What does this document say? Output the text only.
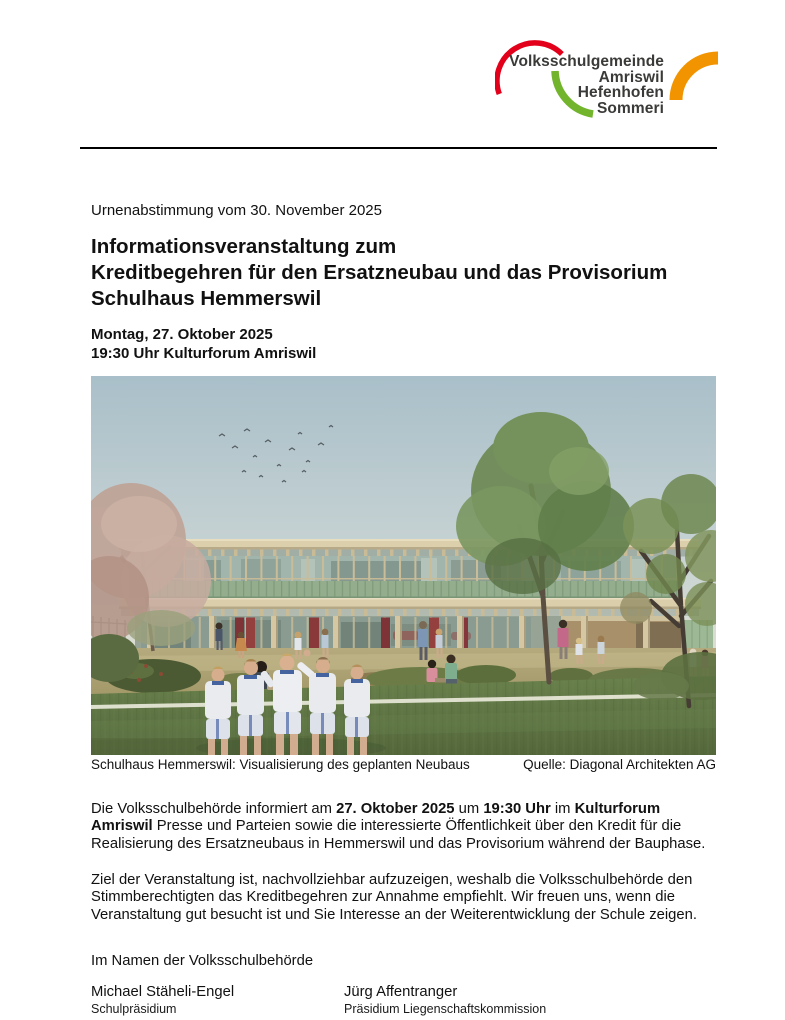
Volksschulgemeinde
Amriswil
Hefenhofen
Sommeri
Urnenabstimmung vom 30. November 2025
Informationsveranstaltung zum
Kreditbegehren für den Ersatzneubau und das Provisorium
Schulhaus Hemmerswil
Montag, 27. Oktober 2025
19:30 Uhr Kulturforum Amriswil
Schulhaus Hemmerswil: Visualisierung des geplanten Neubaus	Quelle: Diagonal Architekten AG

Die Volksschulbehörde informiert am 27. Oktober 2025 um 19:30 Uhr im Kulturforum Amriswil Presse und Parteien sowie die interessierte Öffentlichkeit über den Kredit für die Realisierung des Ersatzneubaus in Hemmerswil und das Provisorium während der Bauphase.

Ziel der Veranstaltung ist, nachvollziehbar aufzuzeigen, weshalb die Volksschulbehörde den Stimmberechtigten das Kreditbegehren zur Annahme empfiehlt. Wir freuen uns, wenn die Veranstaltung gut besucht ist und Sie Interesse an der Weiterentwicklung der Schule zeigen.

Im Namen der Volksschulbehörde
Michael Stäheli-Engel
Schulpräsidium
Jürg Affentranger
Präsidium Liegenschaftskommission
